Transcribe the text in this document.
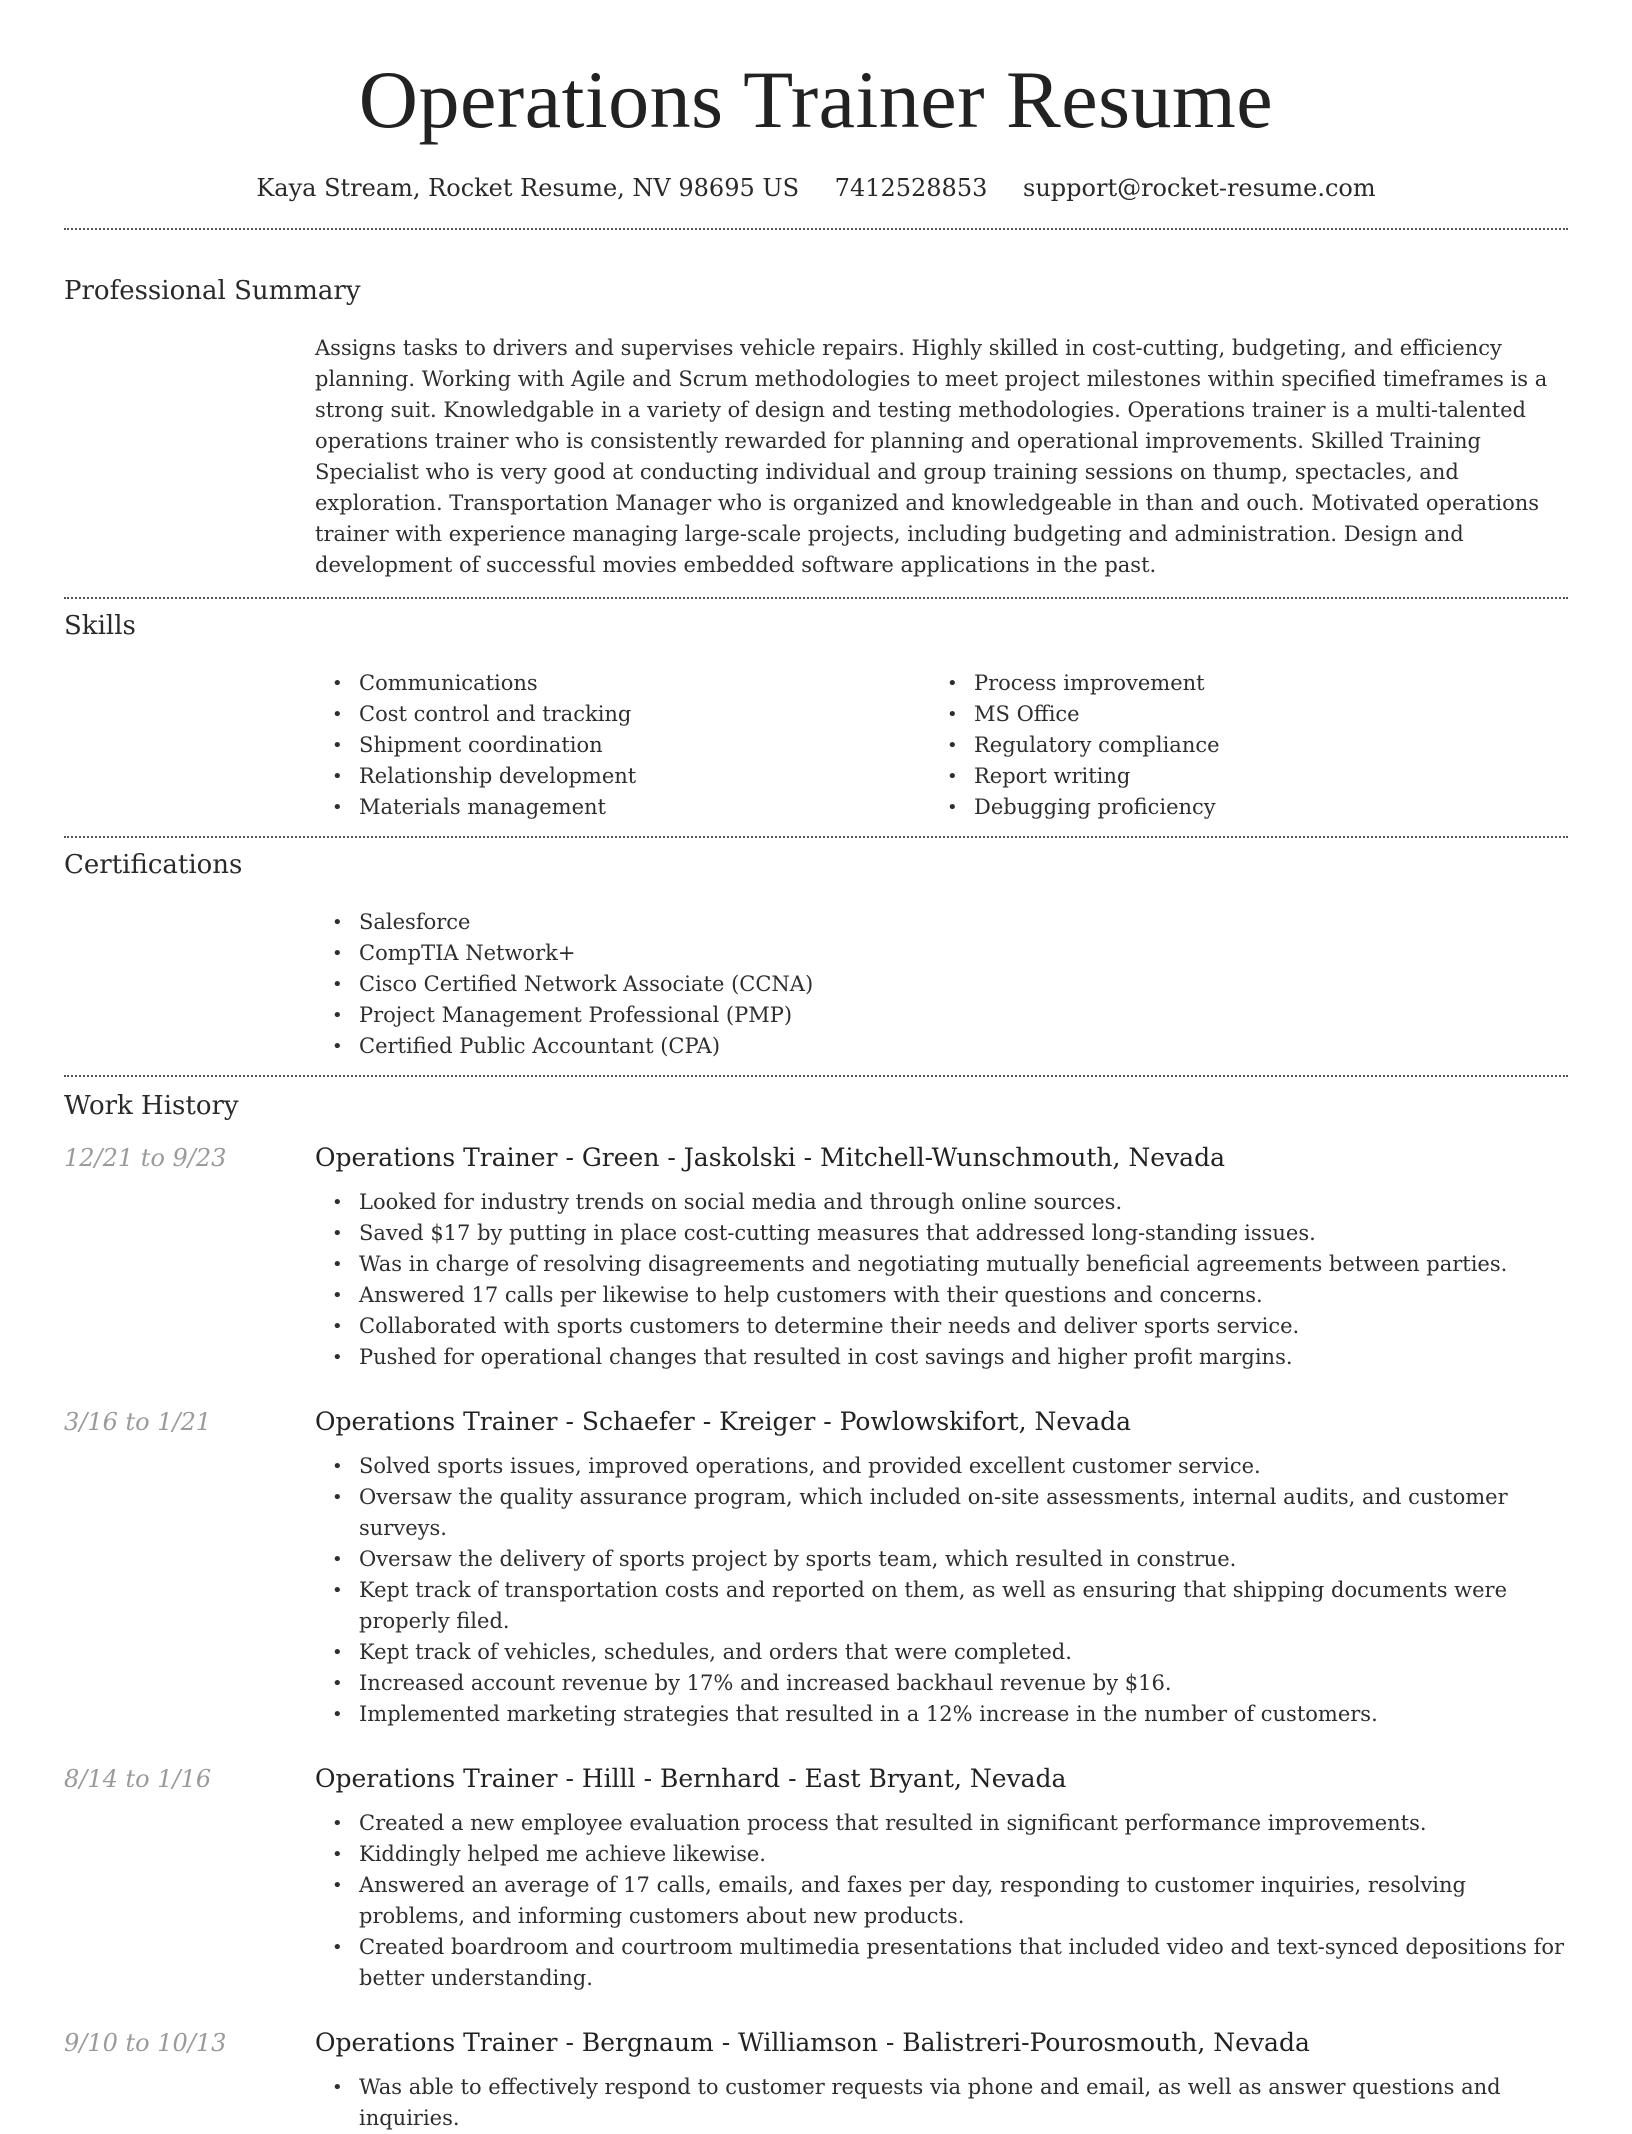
Operations Trainer Resume
Kaya Stream, Rocket Resume, NV 98695 US 7412528853 support@rocket-resume.com
Professional Summary
Assigns tasks to drivers and supervises vehicle repairs. Highly skilled in cost-cutting, budgeting, and efficiency planning. Working with Agile and Scrum methodologies to meet project milestones within specified timeframes is a strong suit. Knowledgable in a variety of design and testing methodologies. Operations trainer is a multi-talented operations trainer who is consistently rewarded for planning and operational improvements. Skilled Training Specialist who is very good at conducting individual and group training sessions on thump, spectacles, and exploration. Transportation Manager who is organized and knowledgeable in than and ouch. Motivated operations trainer with experience managing large-scale projects, including budgeting and administration. Design and development of successful movies embedded software applications in the past.
Skills
• Communications
• Cost control and tracking
• Shipment coordination
• Relationship development
• Materials management
• Process improvement
• MS Office
• Regulatory compliance
• Report writing
• Debugging proficiency
Certifications
• Salesforce
• CompTIA Network+
• Cisco Certified Network Associate (CCNA)
• Project Management Professional (PMP)
• Certified Public Accountant (CPA)
Work History
12/21 to 9/23	Operations Trainer - Green - Jaskolski - Mitchell-Wunschmouth, Nevada
• Looked for industry trends on social media and through online sources.
• Saved $17 by putting in place cost-cutting measures that addressed long-standing issues.
• Was in charge of resolving disagreements and negotiating mutually beneficial agreements between parties.
• Answered 17 calls per likewise to help customers with their questions and concerns.
• Collaborated with sports customers to determine their needs and deliver sports service.
• Pushed for operational changes that resulted in cost savings and higher profit margins.
3/16 to 1/21	Operations Trainer - Schaefer - Kreiger - Powlowskifort, Nevada
• Solved sports issues, improved operations, and provided excellent customer service.
• Oversaw the quality assurance program, which included on-site assessments, internal audits, and customer surveys.
• Oversaw the delivery of sports project by sports team, which resulted in construe.
• Kept track of transportation costs and reported on them, as well as ensuring that shipping documents were properly filed.
• Kept track of vehicles, schedules, and orders that were completed.
• Increased account revenue by 17% and increased backhaul revenue by $16.
• Implemented marketing strategies that resulted in a 12% increase in the number of customers.
8/14 to 1/16	Operations Trainer - Hilll - Bernhard - East Bryant, Nevada
• Created a new employee evaluation process that resulted in significant performance improvements.
• Kiddingly helped me achieve likewise.
• Answered an average of 17 calls, emails, and faxes per day, responding to customer inquiries, resolving problems, and informing customers about new products.
• Created boardroom and courtroom multimedia presentations that included video and text-synced depositions for better understanding.
9/10 to 10/13	Operations Trainer - Bergnaum - Williamson - Balistreri-Pourosmouth, Nevada
• Was able to effectively respond to customer requests via phone and email, as well as answer questions and inquiries.
